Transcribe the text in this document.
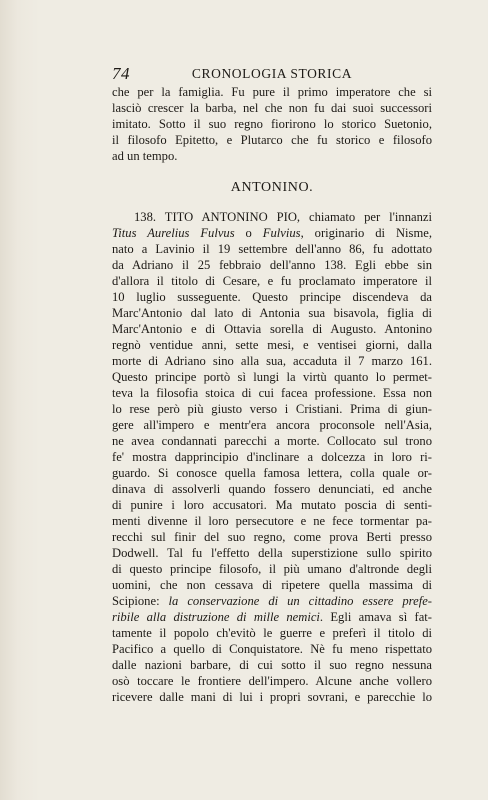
74	CRONOLOGIA STORICA
che per la famiglia. Fu pure il primo imperatore che si
lasciò crescer la barba, nel che non fu dai suoi successori
imitato. Sotto il suo regno fiorirono lo storico Suetonio,
il filosofo Epitetto, e Plutarco che fu storico e filosofo
ad un tempo.
ANTONINO.
138. TITO ANTONINO PIO, chiamato per l'innanzi
Titus Aurelius Fulvus o Fulvius, originario di Nisme,
nato a Lavinio il 19 settembre dell'anno 86, fu adottato
da Adriano il 25 febbraio dell'anno 138. Egli ebbe sin
d'allora il titolo di Cesare, e fu proclamato imperatore il
10 luglio susseguente. Questo principe discendeva da
Marc'Antonio dal lato di Antonia sua bisavola, figlia di
Marc'Antonio e di Ottavia sorella di Augusto. Antonino
regnò ventidue anni, sette mesi, e ventisei giorni, dalla
morte di Adriano sino alla sua, accaduta il 7 marzo 161.
Questo principe portò sì lungi la virtù quanto lo permet-
teva la filosofia stoica di cui facea professione. Essa non
lo rese però più giusto verso i Cristiani. Prima di giun-
gere all'impero e mentr'era ancora proconsole nell'Asia,
ne avea condannati parecchi a morte. Collocato sul trono
fe' mostra dapprincipio d'inclinare a dolcezza in loro ri-
guardo. Si conosce quella famosa lettera, colla quale or-
dinava di assolverli quando fossero denunciati, ed anche
di punire i loro accusatori. Ma mutato poscia di senti-
menti divenne il loro persecutore e ne fece tormentar pa-
recchi sul finir del suo regno, come prova Berti presso
Dodwell. Tal fu l'effetto della superstizione sullo spirito
di questo principe filosofo, il più umano d'altronde degli
uomini, che non cessava di ripetere quella massima di
Scipione: la conservazione di un cittadino essere prefe-
ribile alla distruzione di mille nemici. Egli amava sì fat-
tamente il popolo ch'evitò le guerre e preferì il titolo di
Pacifico a quello di Conquistatore. Nè fu meno rispettato
dalle nazioni barbare, di cui sotto il suo regno nessuna
osò toccare le frontiere dell'impero. Alcune anche vollero
ricevere dalle mani di lui i propri sovrani, e parecchie lo
